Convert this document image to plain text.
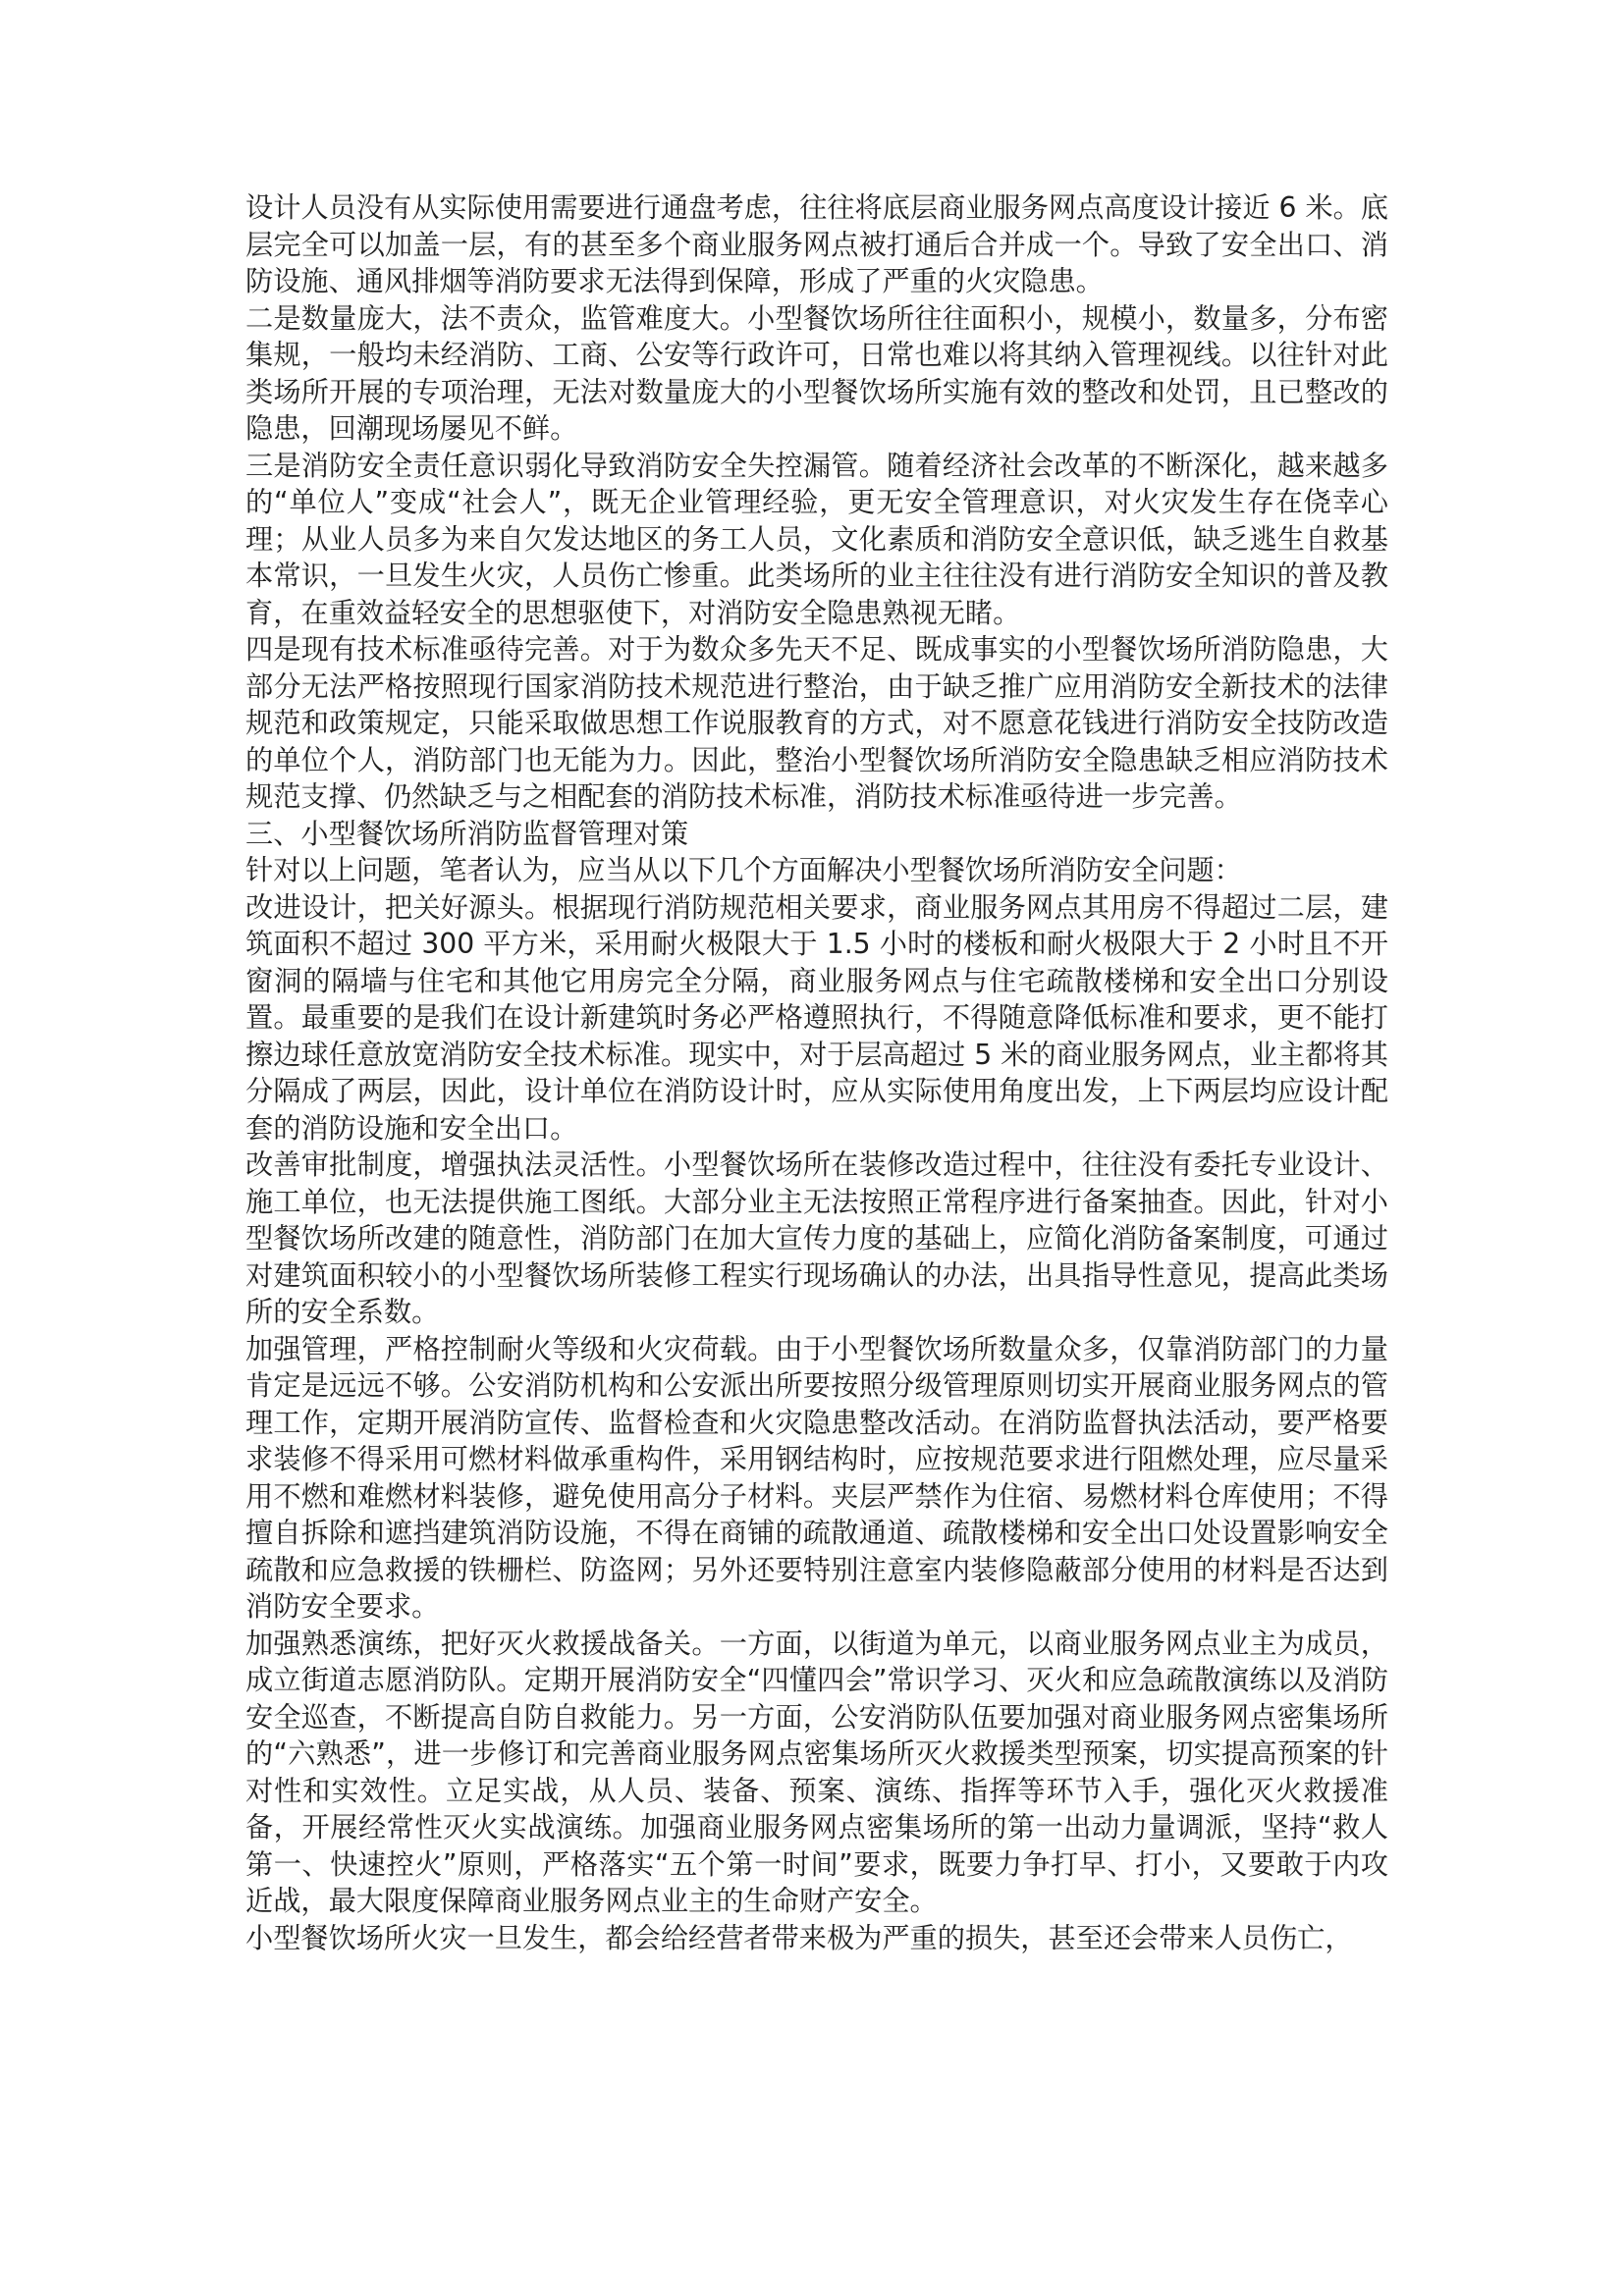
设计人员没有从实际使用需要进行通盘考虑，往往将底层商业服务网点高度设计接近 6 米。底层完全可以加盖一层，有的甚至多个商业服务网点被打通后合并成一个。导致了安全出口、消防设施、通风排烟等消防要求无法得到保障，形成了严重的火灾隐患。

二是数量庞大，法不责众，监管难度大。小型餐饮场所往往面积小，规模小，数量多，分布密集规，一般均未经消防、工商、公安等行政许可，日常也难以将其纳入管理视线。以往针对此类场所开展的专项治理，无法对数量庞大的小型餐饮场所实施有效的整改和处罚，且已整改的隐患，回潮现场屡见不鲜。

三是消防安全责任意识弱化导致消防安全失控漏管。随着经济社会改革的不断深化，越来越多的“单位人”变成“社会人”，既无企业管理经验，更无安全管理意识，对火灾发生存在侥幸心理；从业人员多为来自欠发达地区的务工人员，文化素质和消防安全意识低，缺乏逃生自救基本常识，一旦发生火灾，人员伤亡惨重。此类场所的业主往往没有进行消防安全知识的普及教育，在重效益轻安全的思想驱使下，对消防安全隐患熟视无睹。

四是现有技术标准亟待完善。对于为数众多先天不足、既成事实的小型餐饮场所消防隐患，大部分无法严格按照现行国家消防技术规范进行整治，由于缺乏推广应用消防安全新技术的法律规范和政策规定，只能采取做思想工作说服教育的方式，对不愿意花钱进行消防安全技防改造的单位个人，消防部门也无能为力。因此，整治小型餐饮场所消防安全隐患缺乏相应消防技术规范支撑、仍然缺乏与之相配套的消防技术标准，消防技术标准亟待进一步完善。

三、小型餐饮场所消防监督管理对策

针对以上问题，笔者认为，应当从以下几个方面解决小型餐饮场所消防安全问题：

改进设计，把关好源头。根据现行消防规范相关要求，商业服务网点其用房不得超过二层，建筑面积不超过 300 平方米，采用耐火极限大于 1.5 小时的楼板和耐火极限大于 2 小时且不开窗洞的隔墙与住宅和其他它用房完全分隔，商业服务网点与住宅疏散楼梯和安全出口分别设置。最重要的是我们在设计新建筑时务必严格遵照执行，不得随意降低标准和要求，更不能打擦边球任意放宽消防安全技术标准。现实中，对于层高超过 5 米的商业服务网点，业主都将其分隔成了两层，因此，设计单位在消防设计时，应从实际使用角度出发，上下两层均应设计配套的消防设施和安全出口。

改善审批制度，增强执法灵活性。小型餐饮场所在装修改造过程中，往往没有委托专业设计、施工单位，也无法提供施工图纸。大部分业主无法按照正常程序进行备案抽查。因此，针对小型餐饮场所改建的随意性，消防部门在加大宣传力度的基础上，应简化消防备案制度，可通过对建筑面积较小的小型餐饮场所装修工程实行现场确认的办法，出具指导性意见，提高此类场所的安全系数。

加强管理，严格控制耐火等级和火灾荷载。由于小型餐饮场所数量众多，仅靠消防部门的力量肯定是远远不够。公安消防机构和公安派出所要按照分级管理原则切实开展商业服务网点的管理工作，定期开展消防宣传、监督检查和火灾隐患整改活动。在消防监督执法活动，要严格要求装修不得采用可燃材料做承重构件，采用钢结构时，应按规范要求进行阻燃处理，应尽量采用不燃和难燃材料装修，避免使用高分子材料。夹层严禁作为住宿、易燃材料仓库使用；不得擅自拆除和遮挡建筑消防设施，不得在商铺的疏散通道、疏散楼梯和安全出口处设置影响安全疏散和应急救援的铁栅栏、防盗网；另外还要特别注意室内装修隐蔽部分使用的材料是否达到消防安全要求。

加强熟悉演练，把好灭火救援战备关。一方面，以街道为单元，以商业服务网点业主为成员，成立街道志愿消防队。定期开展消防安全“四懂四会”常识学习、灭火和应急疏散演练以及消防安全巡查，不断提高自防自救能力。另一方面，公安消防队伍要加强对商业服务网点密集场所的“六熟悉”，进一步修订和完善商业服务网点密集场所灭火救援类型预案，切实提高预案的针对性和实效性。立足实战，从人员、装备、预案、演练、指挥等环节入手，强化灭火救援准备，开展经常性灭火实战演练。加强商业服务网点密集场所的第一出动力量调派，坚持“救人第一、快速控火”原则，严格落实“五个第一时间”要求，既要力争打早、打小，又要敢于内攻近战，最大限度保障商业服务网点业主的生命财产安全。

小型餐饮场所火灾一旦发生，都会给经营者带来极为严重的损失，甚至还会带来人员伤亡，
